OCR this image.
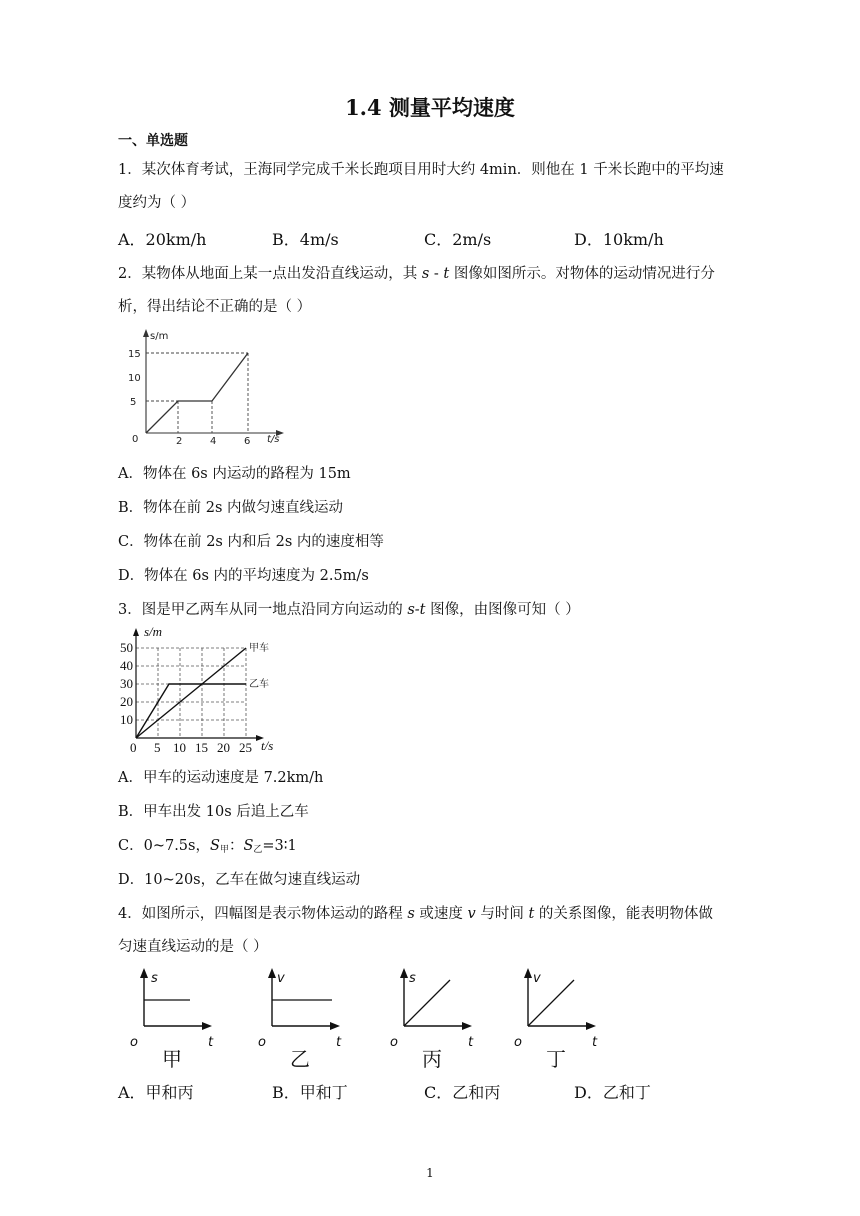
1.4 测量平均速度
一、单选题
1．某次体育考试，王海同学完成千米长跑项目用时大约 4min．则他在 1 千米长跑中的平均速
度约为（ ）
A．20km/h	B．4m/s	C．2m/s	D．10km/h
2．某物体从地面上某一点出发沿直线运动，其 s - t 图像如图所示。对物体的运动情况进行分
析，得出结论不正确的是（ ）
s/m
t/s
0
5
10
15
2	4	6
A．物体在 6s 内运动的路程为 15m
B．物体在前 2s 内做匀速直线运动
C．物体在前 2s 内和后 2s 内的速度相等
D．物体在 6s 内的平均速度为 2.5m/s
3．图是甲乙两车从同一地点沿同方向运动的 s-t 图像，由图像可知（ ）
s/m
t/s
0
10
20
30
40
50
5 10 15 20 25
甲车
乙车
A．甲车的运动速度是 7.2km/h
B．甲车出发 10s 后追上乙车
C．0~7.5s，$S_甲$：$S_乙=3∶1$
D．10~20s，乙车在做匀速直线运动
4．如图所示，四幅图是表示物体运动的路程 s 或速度 v 与时间 t 的关系图像，能表明物体做
匀速直线运动的是（ ）
s
o	t
甲
v
o	t
乙
s
o	t
丙
v
o	t
丁
A．甲和丙	B．甲和丁	C．乙和丙	D．乙和丁
1
